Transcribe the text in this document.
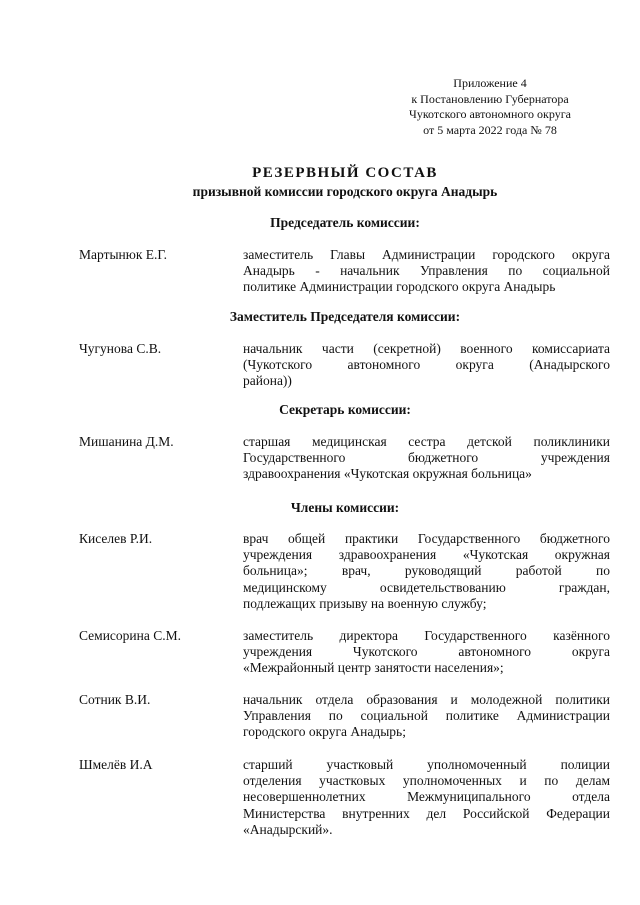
Приложение 4
к Постановлению Губернатора
Чукотского автономного округа
от 5 марта 2022 года № 78
РЕЗЕРВНЫЙ СОСТАВ
призывной комиссии городского округа Анадырь
Председатель комиссии:
Мартынюк Е.Г.	заместитель Главы Администрации городского округа
Анадырь - начальник Управления по социальной
политике Администрации городского округа Анадырь
Заместитель Председателя комиссии:
Чугунова С.В.	начальник части (секретной) военного комиссариата
(Чукотского автономного округа (Анадырского
района))
Секретарь комиссии:
Мишанина Д.М.	старшая медицинская сестра детской поликлиники
Государственного бюджетного учреждения
здравоохранения «Чукотская окружная больница»
Члены комиссии:
Киселев Р.И.	врач общей практики Государственного бюджетного
учреждения здравоохранения «Чукотская окружная
больница»; врач, руководящий работой по
медицинскому освидетельствованию граждан,
подлежащих призыву на военную службу;
Семисорина С.М.	заместитель директора Государственного казённого
учреждения Чукотского автономного округа
«Межрайонный центр занятости населения»;
Сотник В.И.	начальник отдела образования и молодежной политики
Управления по социальной политике Администрации
городского округа Анадырь;
Шмелёв И.А	старший участковый уполномоченный полиции
отделения участковых уполномоченных и по делам
несовершеннолетних Межмуниципального отдела
Министерства внутренних дел Российской Федерации
«Анадырский».
